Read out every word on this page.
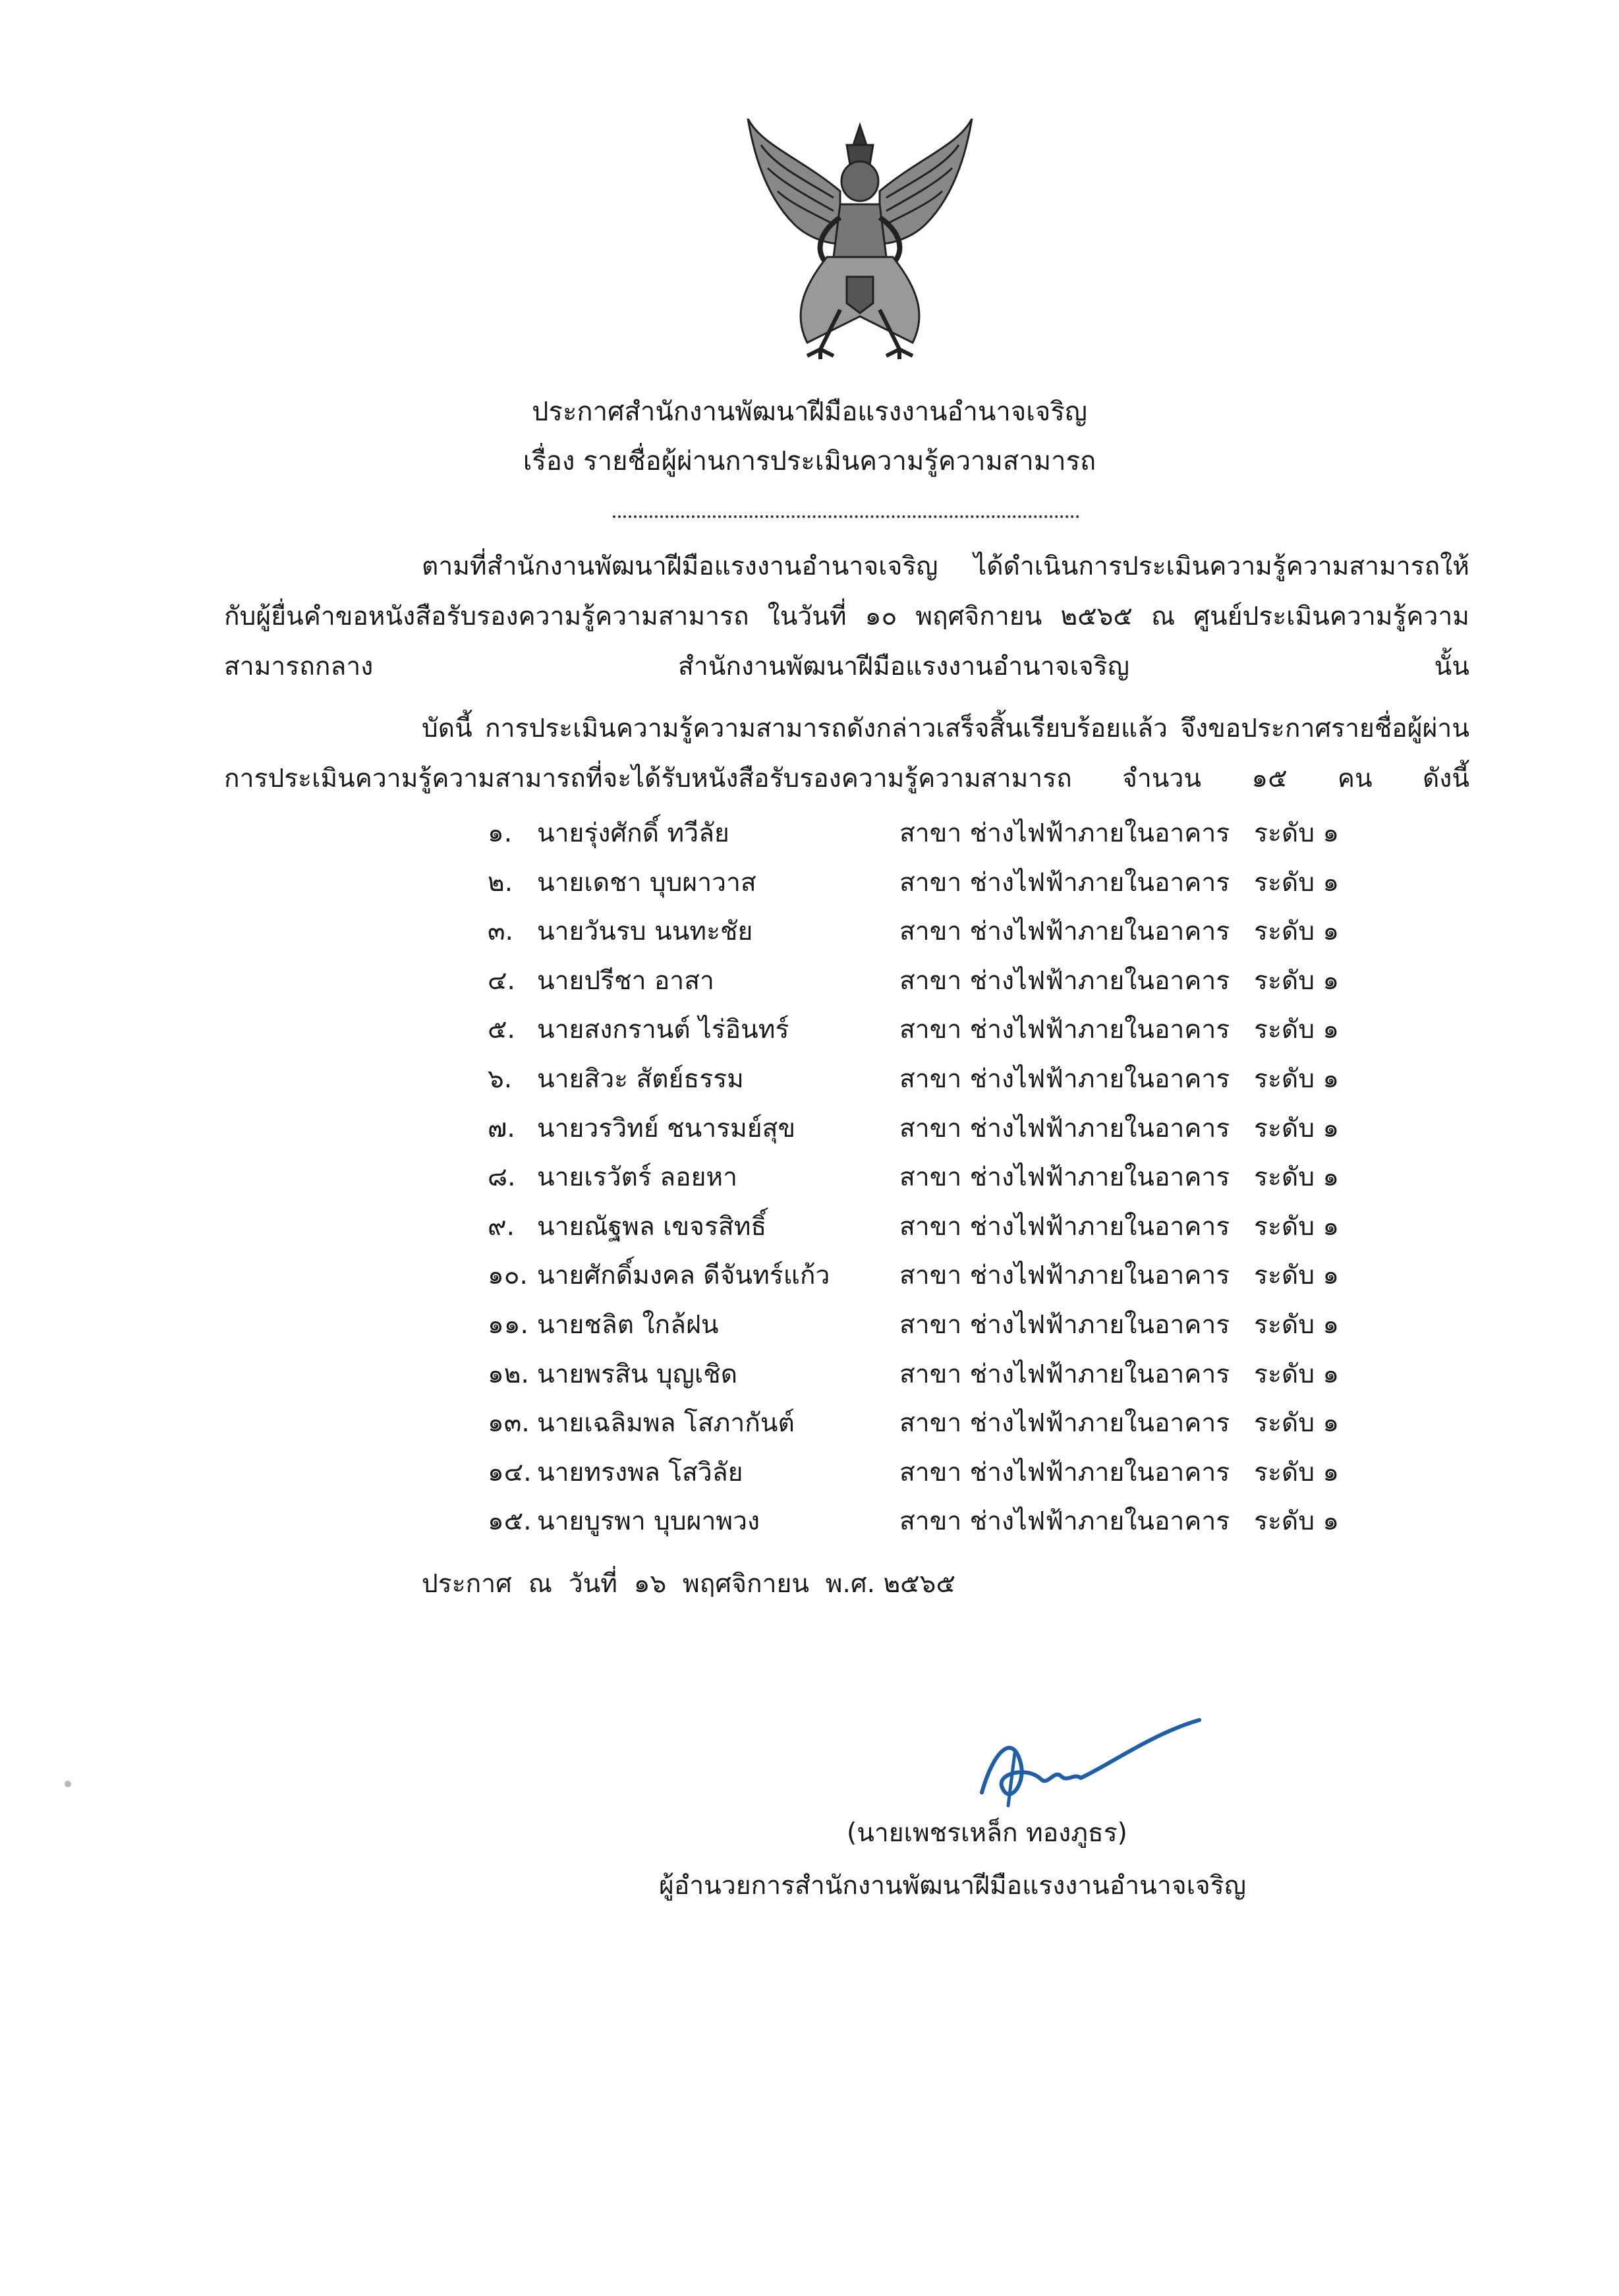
ประกาศสำนักงานพัฒนาฝีมือแรงงานอำนาจเจริญ
เรื่อง รายชื่อผู้ผ่านการประเมินความรู้ความสามารถ
ตามที่สำนักงานพัฒนาฝีมือแรงงานอำนาจเจริญ ได้ดำเนินการประเมินความรู้ความสามารถให้กับผู้ยื่นคำขอหนังสือรับรองความรู้ความสามารถ ในวันที่ ๑๐ พฤศจิกายน ๒๕๖๕ ณ ศูนย์ประเมินความรู้ความสามารถกลาง สำนักงานพัฒนาฝีมือแรงงานอำนาจเจริญ นั้น
บัดนี้ การประเมินความรู้ความสามารถดังกล่าวเสร็จสิ้นเรียบร้อยแล้ว จึงขอประกาศรายชื่อผู้ผ่านการประเมินความรู้ความสามารถที่จะได้รับหนังสือรับรองความรู้ความสามารถ จำนวน ๑๕ คน ดังนี้
๑. นายรุ่งศักดิ์ ทวีลัย	สาขา ช่างไฟฟ้าภายในอาคาร ระดับ ๑
๒. นายเดชา บุบผาวาส	สาขา ช่างไฟฟ้าภายในอาคาร ระดับ ๑
๓. นายวันรบ นนทะชัย	สาขา ช่างไฟฟ้าภายในอาคาร ระดับ ๑
๔. นายปรีชา อาสา	สาขา ช่างไฟฟ้าภายในอาคาร ระดับ ๑
๕. นายสงกรานต์ ไร่อินทร์	สาขา ช่างไฟฟ้าภายในอาคาร ระดับ ๑
๖. นายสิวะ สัตย์ธรรม	สาขา ช่างไฟฟ้าภายในอาคาร ระดับ ๑
๗. นายวรวิทย์ ชนารมย์สุข	สาขา ช่างไฟฟ้าภายในอาคาร ระดับ ๑
๘. นายเรวัตร์ ลอยหา	สาขา ช่างไฟฟ้าภายในอาคาร ระดับ ๑
๙. นายณัฐพล เขจรสิทธิ์	สาขา ช่างไฟฟ้าภายในอาคาร ระดับ ๑
๑๐. นายศักดิ์มงคล ดีจันทร์แก้ว	สาขา ช่างไฟฟ้าภายในอาคาร ระดับ ๑
๑๑. นายชลิต ใกล้ฝน	สาขา ช่างไฟฟ้าภายในอาคาร ระดับ ๑
๑๒. นายพรสิน บุญเชิด	สาขา ช่างไฟฟ้าภายในอาคาร ระดับ ๑
๑๓. นายเฉลิมพล โสภากันต์	สาขา ช่างไฟฟ้าภายในอาคาร ระดับ ๑
๑๔. นายทรงพล โสวิลัย	สาขา ช่างไฟฟ้าภายในอาคาร ระดับ ๑
๑๕. นายบูรพา บุบผาพวง	สาขา ช่างไฟฟ้าภายในอาคาร ระดับ ๑
ประกาศ  ณ  วันที่  ๑๖  พฤศจิกายน  พ.ศ. ๒๕๖๕
(นายเพชรเหล็ก ทองภูธร)
ผู้อำนวยการสำนักงานพัฒนาฝีมือแรงงานอำนาจเจริญ
